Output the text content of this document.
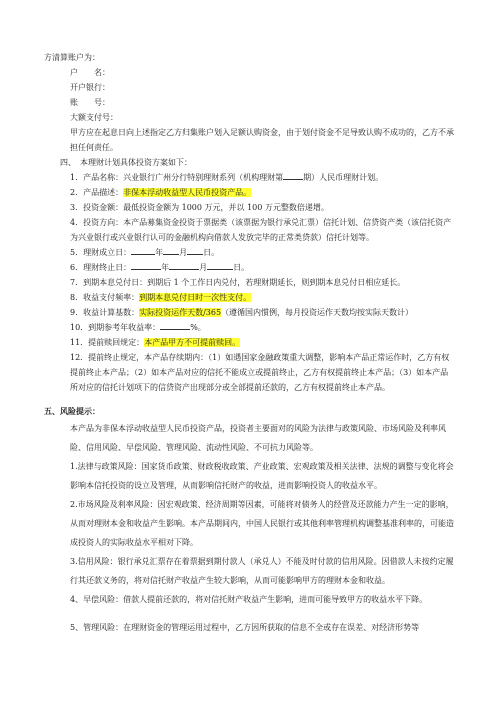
方清算账户为：
户　　名：
开户银行：
账　　号：
大额支付号：
甲方应在起息日向上述指定乙方归集账户划入足额认购资金，由于划付资金不足导致认购不成功的，乙方不承担任何责任。
四、　本理财计划具体投资方案如下：
1．产品名称：兴业银行广州分行特别理财系列（机构理财第	期）人民币理财计划。
2．产品描述：非保本浮动收益型人民币投资产品。
3．投资金额：最低投资金额为 1000 万元，并以 100 万元整数倍递增。
4．投资方向：本产品募集资金投资于票据类（该票据为银行承兑汇票）信托计划、信贷资产类（该信托资产为兴业银行或兴业银行认可的金融机构向借款人发放完毕的正常类贷款）信托计划等。
5．理财成立日：	年 月 日。
6．理财终止日：	年	月	日。
7．到期本息兑付日：到期后 1 个工作日内兑付，若理财期延长，则到期本息兑付日相应延长。
8．收益支付频率：到期本息兑付日时一次性支付。
9．收益计算基数：实际投资运作天数/365（遵循国内惯例，每月投资运作天数均按实际天数计）
10．到期参考年收益率：	%。
11．提前赎回规定：本产品甲方不可提前赎回。
12．提前终止规定，本产品存续期内：（1）如遇国家金融政策重大调整，影响本产品正常运作时，乙方有权提前终止本产品；（2）如本产品对应的信托不能成立或提前终止，乙方有权提前终止本产品；（3）如本产品所对应的信托计划项下的信贷资产出现部分或全部提前还款的，乙方有权提前终止本产品。
五、风险提示：
本产品为非保本浮动收益型人民币投资产品，投资者主要面对的风险为法律与政策风险、市场风险及利率风险、信用风险、早偿风险、管理风险、流动性风险、不可抗力风险等。
1.法律与政策风险：国家货币政策、财政税收政策、产业政策、宏观政策及相关法律、法规的调整与变化将会影响本信托投资的设立及管理，从而影响信托财产的收益，进而影响投资人的收益水平。
2.市场风险及利率风险：因宏观政策、经济周期等因素，可能将对债务人的经营及还款能力产生一定的影响，从而对理财本金和收益产生影响。本产品期间内，中国人民银行或其他利率管理机构调整基准利率的，可能造成投资人的实际收益水平相对下降。
3.信用风险：银行承兑汇票存在着票据到期付款人（承兑人）不能及时付款的信用风险。因借款人未按约定履行其还款义务的，将对信托财产收益产生较大影响，从而可能影响甲方的理财本金和收益。
4、早偿风险：借款人提前还款的，将对信托财产收益产生影响，进而可能导致甲方的收益水平下降。
5、管理风险：在理财资金的管理运用过程中，乙方因所获取的信息不全或存在误差、对经济形势等
